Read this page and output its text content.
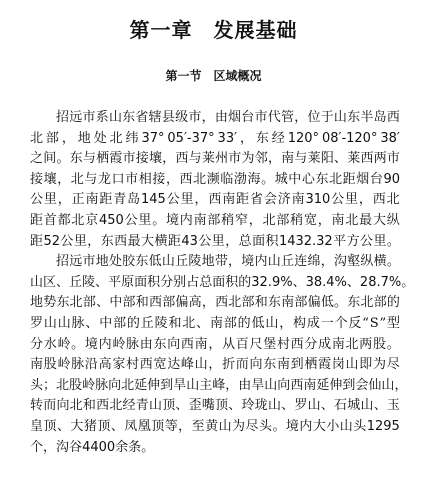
第一章　发展基础
第一节　区域概况
招 远 市 系 山 东 省 辖 县 级 市 ， 由 烟 台 市 代 管 ， 位 于 山 东 半 岛 西
北 部 ， 地 处 北 纬 37° 05′-37° 33′ ， 东 经 120° 08′-120° 38′
之 间 。 东 与 栖 霞 市 接 壤 ， 西 与 莱 州 市 为 邻 ， 南 与 莱 阳 、 莱 西 两 市
接 壤 ， 北 与 龙 口 市 相 接 ， 西 北 濒 临 渤 海 。 城 中 心 东 北 距 烟 台 90
公 里 ， 正 南 距 青 岛 145 公 里 ， 西 南 距 省 会 济 南 310 公 里 ， 西 北
距 首 都 北 京 450 公 里 。 境 内 南 部 稍 窄 ， 北 部 稍 宽 ， 南 北 最 大 纵
距 52 公 里 ， 东 西 最 大 横 距 43 公 里 ， 总 面 积 1432.32 平 方 公 里 。
招 远 市 地 处 胶 东 低 山 丘 陵 地 带 ， 境 内 山 丘 连 绵 ， 沟 壑 纵 横 。
山 区 、 丘 陵 、 平 原 面 积 分 别 占 总 面 积 的 32.9% 、 38.4% 、 28.7% 。
地 势 东 北 部 、 中 部 和 西 部 偏 高 ， 西 北 部 和 东 南 部 偏 低 。 东 北 部 的
罗 山 山 脉 、 中 部 的 丘 陵 和 北 、 南 部 的 低 山 ， 构 成 一 个 反 “ S ” 型
分 水 岭 。 境 内 岭 脉 由 东 向 西 南 ， 从 百 尺 堡 村 西 分 成 南 北 两 股 。
南 股 岭 脉 沿 高 家 村 西 宽 达 峰 山 ， 折 而 向 东 南 到 栖 霞 岗 山 即 为 尽
头 ； 北 股 岭 脉 向 北 延 伸 到 旱 山 主 峰 ， 由 旱 山 向 西 南 延 伸 到 会 仙 山 ，
转 而 向 北 和 西 北 经 青 山 顶 、 歪 嘴 顶 、 玲 珑 山 、 罗 山 、 石 城 山 、 玉
皇 顶 、 大 猪 顶 、 凤 凰 顶 等 ， 至 黄 山 为 尽 头 。 境 内 大 小 山 头 1295
个 ， 沟 谷 4400 余 条 。
